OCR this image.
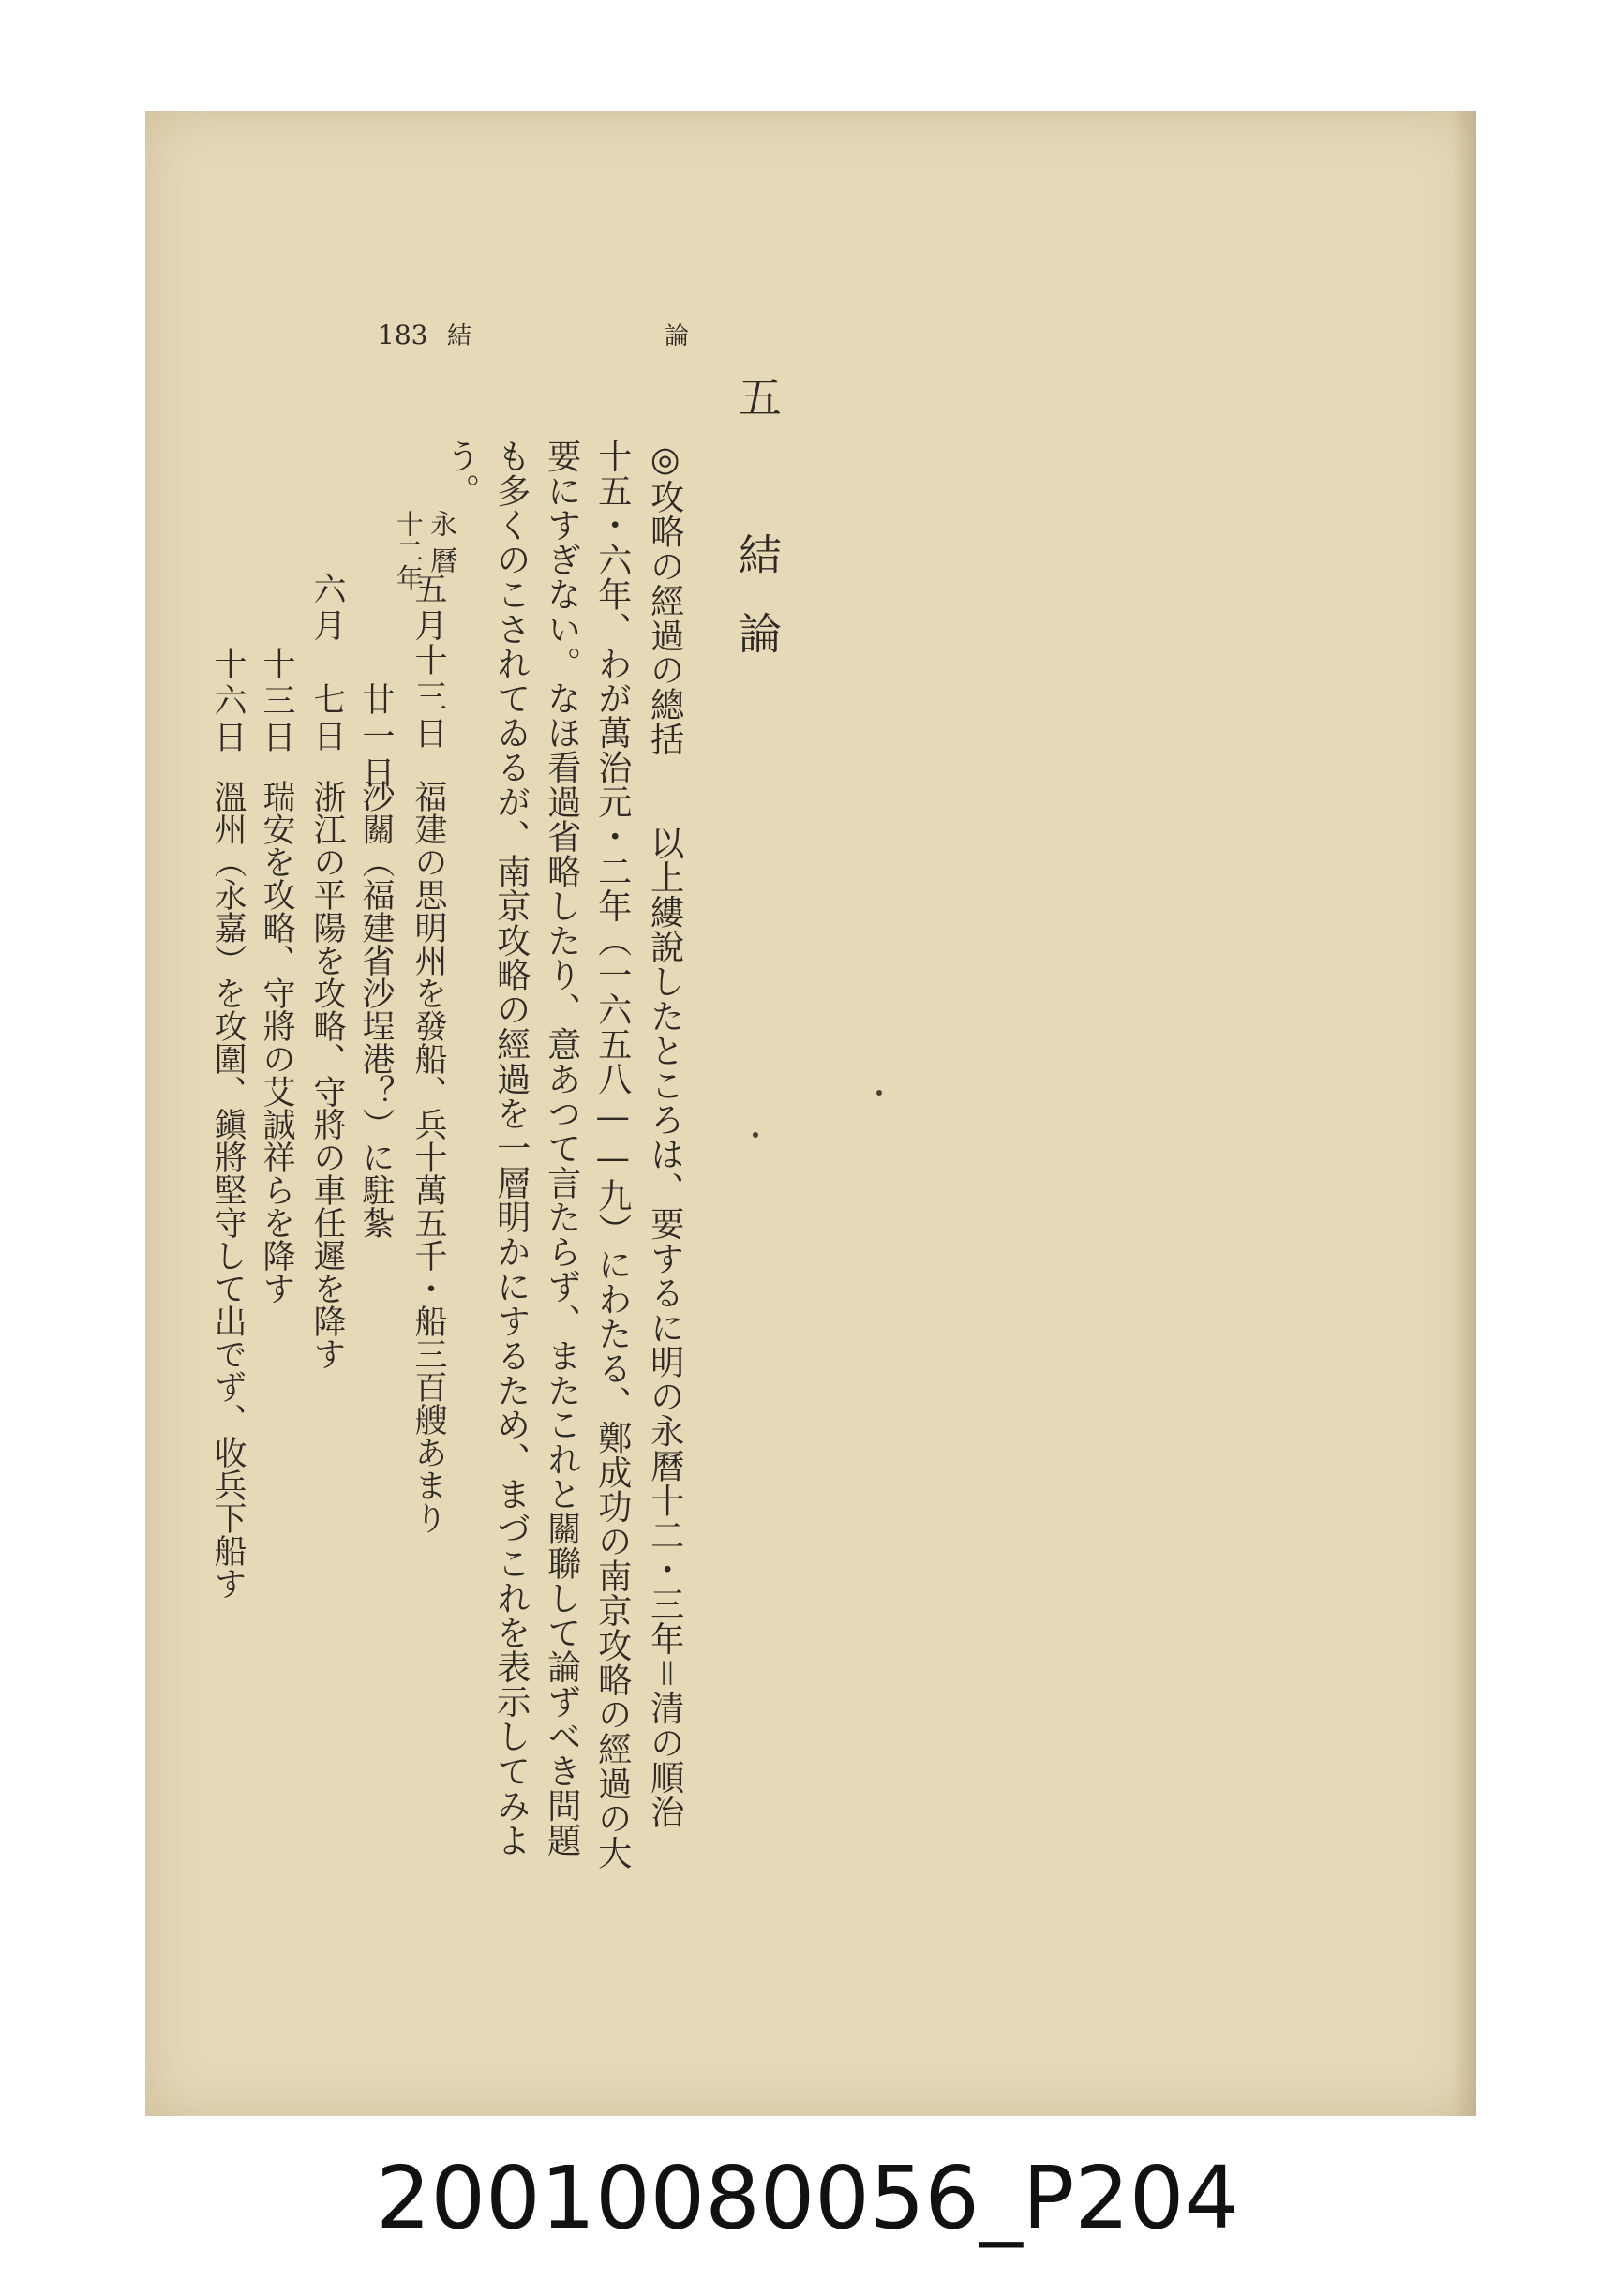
183 結　論
五　結論
◎攻略の經過の總括　　以上縷說したところは、要するに明の永曆十二・三年＝清の順治
十五・六年、わが萬治元・二年（一六五八——九）にわたる、鄭成功の南京攻略の經過の大
要にすぎない。なほ看過省略したり、意あつて言たらず、またこれと關聯して論ずべき問題
も多くのこされてゐるが、南京攻略の經過を一層明かにするため、まづこれを表示してみよ
う。
永曆
十二年
五月
十三日
福建の思明州を發船、兵十萬五千・船三百艘あまり
廿一日
沙關（福建省沙埕港？）に駐紮
六月
七日
浙江の平陽を攻略、守將の車任遲を降す
十三日
瑞安を攻略、守將の艾誠祥らを降す
十六日
溫州（永嘉）を攻圍、鎭將堅守して出でず、收兵下船す
20010080056_P204
